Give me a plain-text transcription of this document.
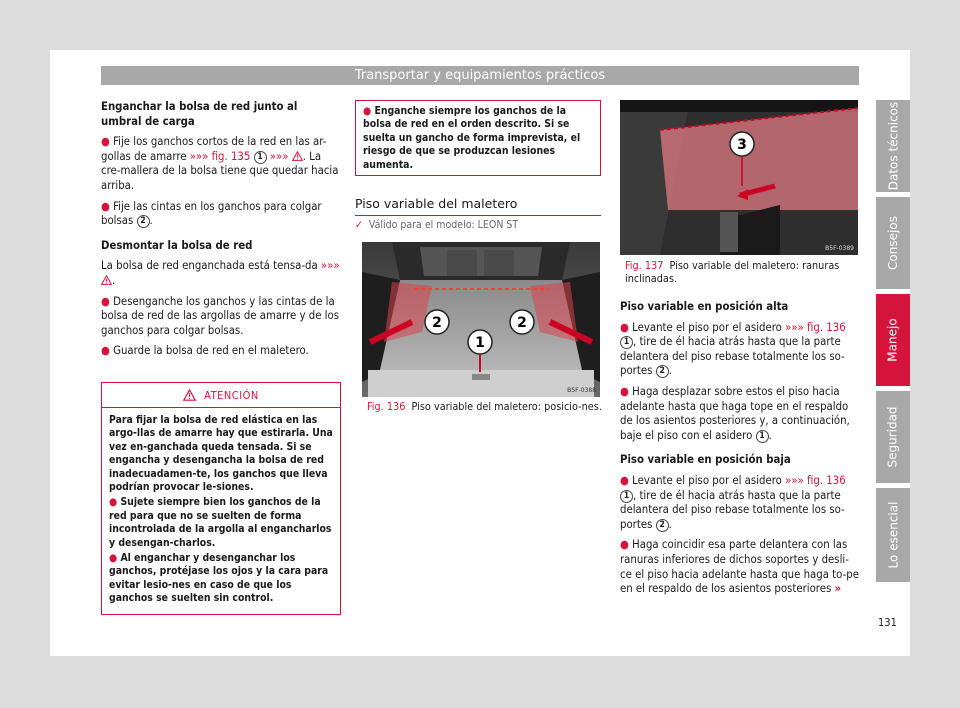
Transportar y equipamientos prácticos
Datos técnicos
Consejos
Manejo
Seguridad
Lo esencial

Enganchar la bolsa de red junto al umbral de carga

● Fije los ganchos cortos de la red en las ar-gollas de amarre »»» fig. 135 1 »»» . La cre-mallera de la bolsa tiene que quedar hacia arriba.

● Fije las cintas en los ganchos para colgar bolsas 2 .

Desmontar la bolsa de red

La bolsa de red enganchada está tensa-da »»» .

● Desenganche los ganchos y las cintas de la bolsa de red de las argollas de amarre y de los ganchos para colgar bolsas.

● Guarde la bolsa de red en el maletero.

ATENCIÓN

Para fijar la bolsa de red elástica en las argo-llas de amarre hay que estirarla. Una vez en-ganchada queda tensada. Si se engancha y desengancha la bolsa de red inadecuadamen-te, los ganchos que lleva podrían provocar le-siones.

● Sujete siempre bien los ganchos de la red para que no se suelten de forma incontrolada de la argolla al engancharlos y desengan-charlos.

● Al enganchar y desenganchar los ganchos, protéjase los ojos y la cara para evitar lesio-nes en caso de que los ganchos se suelten sin control.

● Enganche siempre los ganchos de la bolsa de red en el orden descrito. Si se suelta un gancho de forma imprevista, el riesgo de que se produzcan lesiones aumenta.
Piso variable del maletero
✓ Válido para el modelo: LEON ST
2	2
1
B5F-0388
Fig. 136 Piso variable del maletero: posicio-nes.
3
B5F-0389
Fig. 137 Piso variable del maletero: ranuras inclinadas.

Piso variable en posición alta

● Levante el piso por el asidero »»» fig. 136 1 , tire de él hacia atrás hasta que la parte delantera del piso rebase totalmente los so-portes 2 .

● Haga desplazar sobre estos el piso hacia adelante hasta que haga tope en el respaldo de los asientos posteriores y, a continuación, baje el piso con el asidero 1 .

Piso variable en posición baja

● Levante el piso por el asidero »»» fig. 136 1 , tire de él hacia atrás hasta que la parte delantera del piso rebase totalmente los so-portes 2 .

● Haga coincidir esa parte delantera con las ranuras inferiores de dichos soportes y desli-ce el piso hacia adelante hasta que haga to-pe en el respaldo de los asientos posteriores »

131
